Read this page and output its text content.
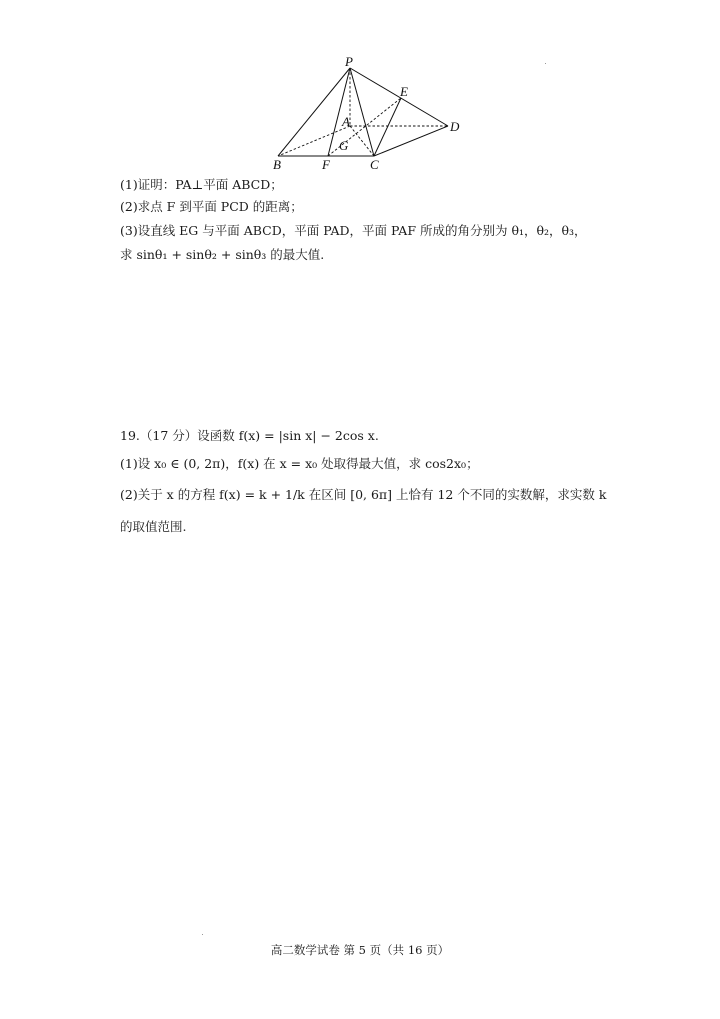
P
E
A	D
G
B	F	C
(1)证明：PA⊥平面 ABCD；
(2)求点 F 到平面 PCD 的距离；
(3)设直线 EG 与平面 ABCD，平面 PAD，平面 PAF 所成的角分别为 θ₁，θ₂，θ₃，
求 sinθ₁ + sinθ₂ + sinθ₃ 的最大值.
19.（17 分）设函数 f(x) = |sin x| − 2cos x.
(1)设 x₀ ∈ (0, 2π)，f(x) 在 x = x₀ 处取得最大值，求 cos2x₀；
(2)关于 x 的方程 f(x) = k + 1/k 在区间 [0, 6π] 上恰有 12 个不同的实数解，求实数 k
的取值范围.
高二数学试卷 第 5 页（共 16 页）
